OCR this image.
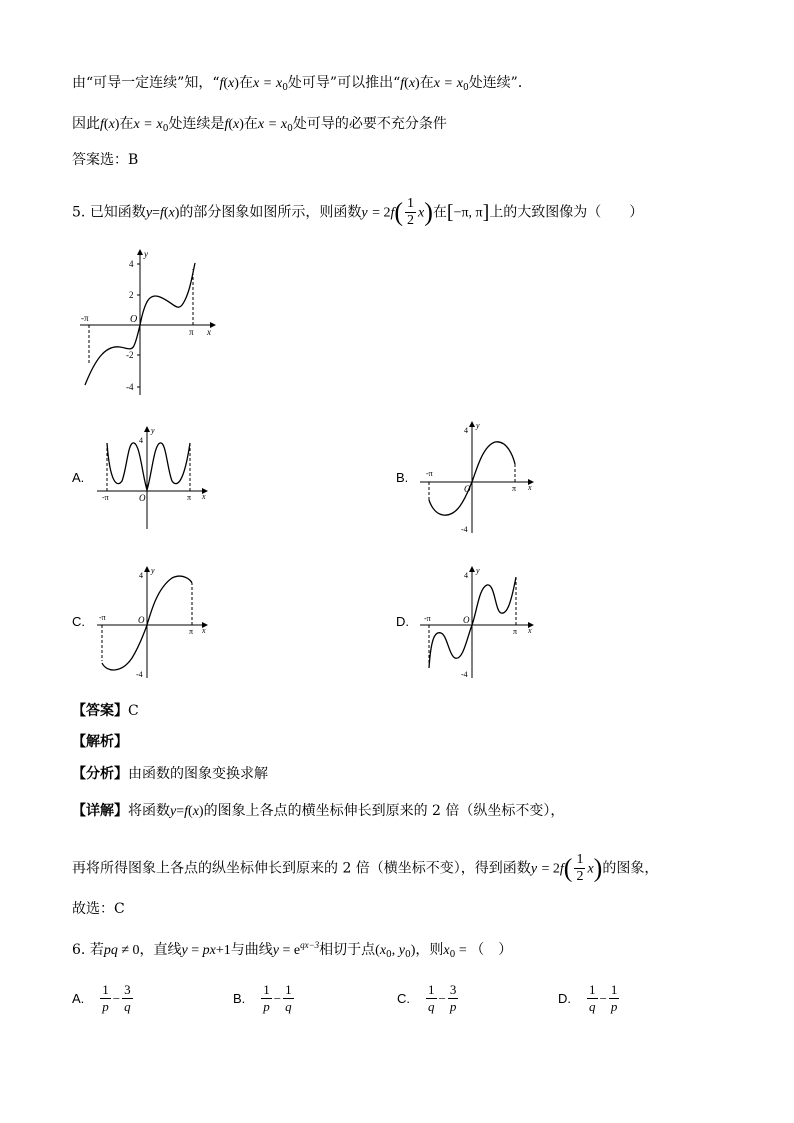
由“可导一定连续”知，“f(x)在$x = x_0$处可导”可以推出“f(x)在$x = x_0$处连续”．
因此f(x)在$x = x_0$处连续是f(x)在$x = x_0$处可导的必要不充分条件
答案选：B
5. 已知函数y=f(x)的部分图象如图所示，则函数$y = 2f( \frac{1}{2} x)$在[−π, π]上的大致图像为（　　）
y
x
O
4
2
-2
-4
-π
π
A.
y
x
O
4
-π	π
B.
y
x
O
4
-4
-π
π
C.
y
x
O
4
-4
-π
π
D.
y
x
O
4
-4
-π
π
【答案】C
【解析】
【分析】由函数的图象变换求解
【详解】将函数y=f(x)的图象上各点的横坐标伸长到原来的 2 倍（纵坐标不变），
再将所得图象上各点的纵坐标伸长到原来的 2 倍（横坐标不变），得到函数$y = 2f( \frac{1}{2} x)$的图象，
故选：C
6. 若pq ≠ 0，直线y = px+1与曲线$y = e^{qx-3}$相切于点($x_0$, $y_0$)，则$x_0$ = （　）
A. $\frac{1}{p} - \frac{3}{q}$	B. $\frac{1}{p} - \frac{1}{q}$	C. $\frac{1}{q} - \frac{3}{p}$	D. $\frac{1}{q} - \frac{1}{p}$
